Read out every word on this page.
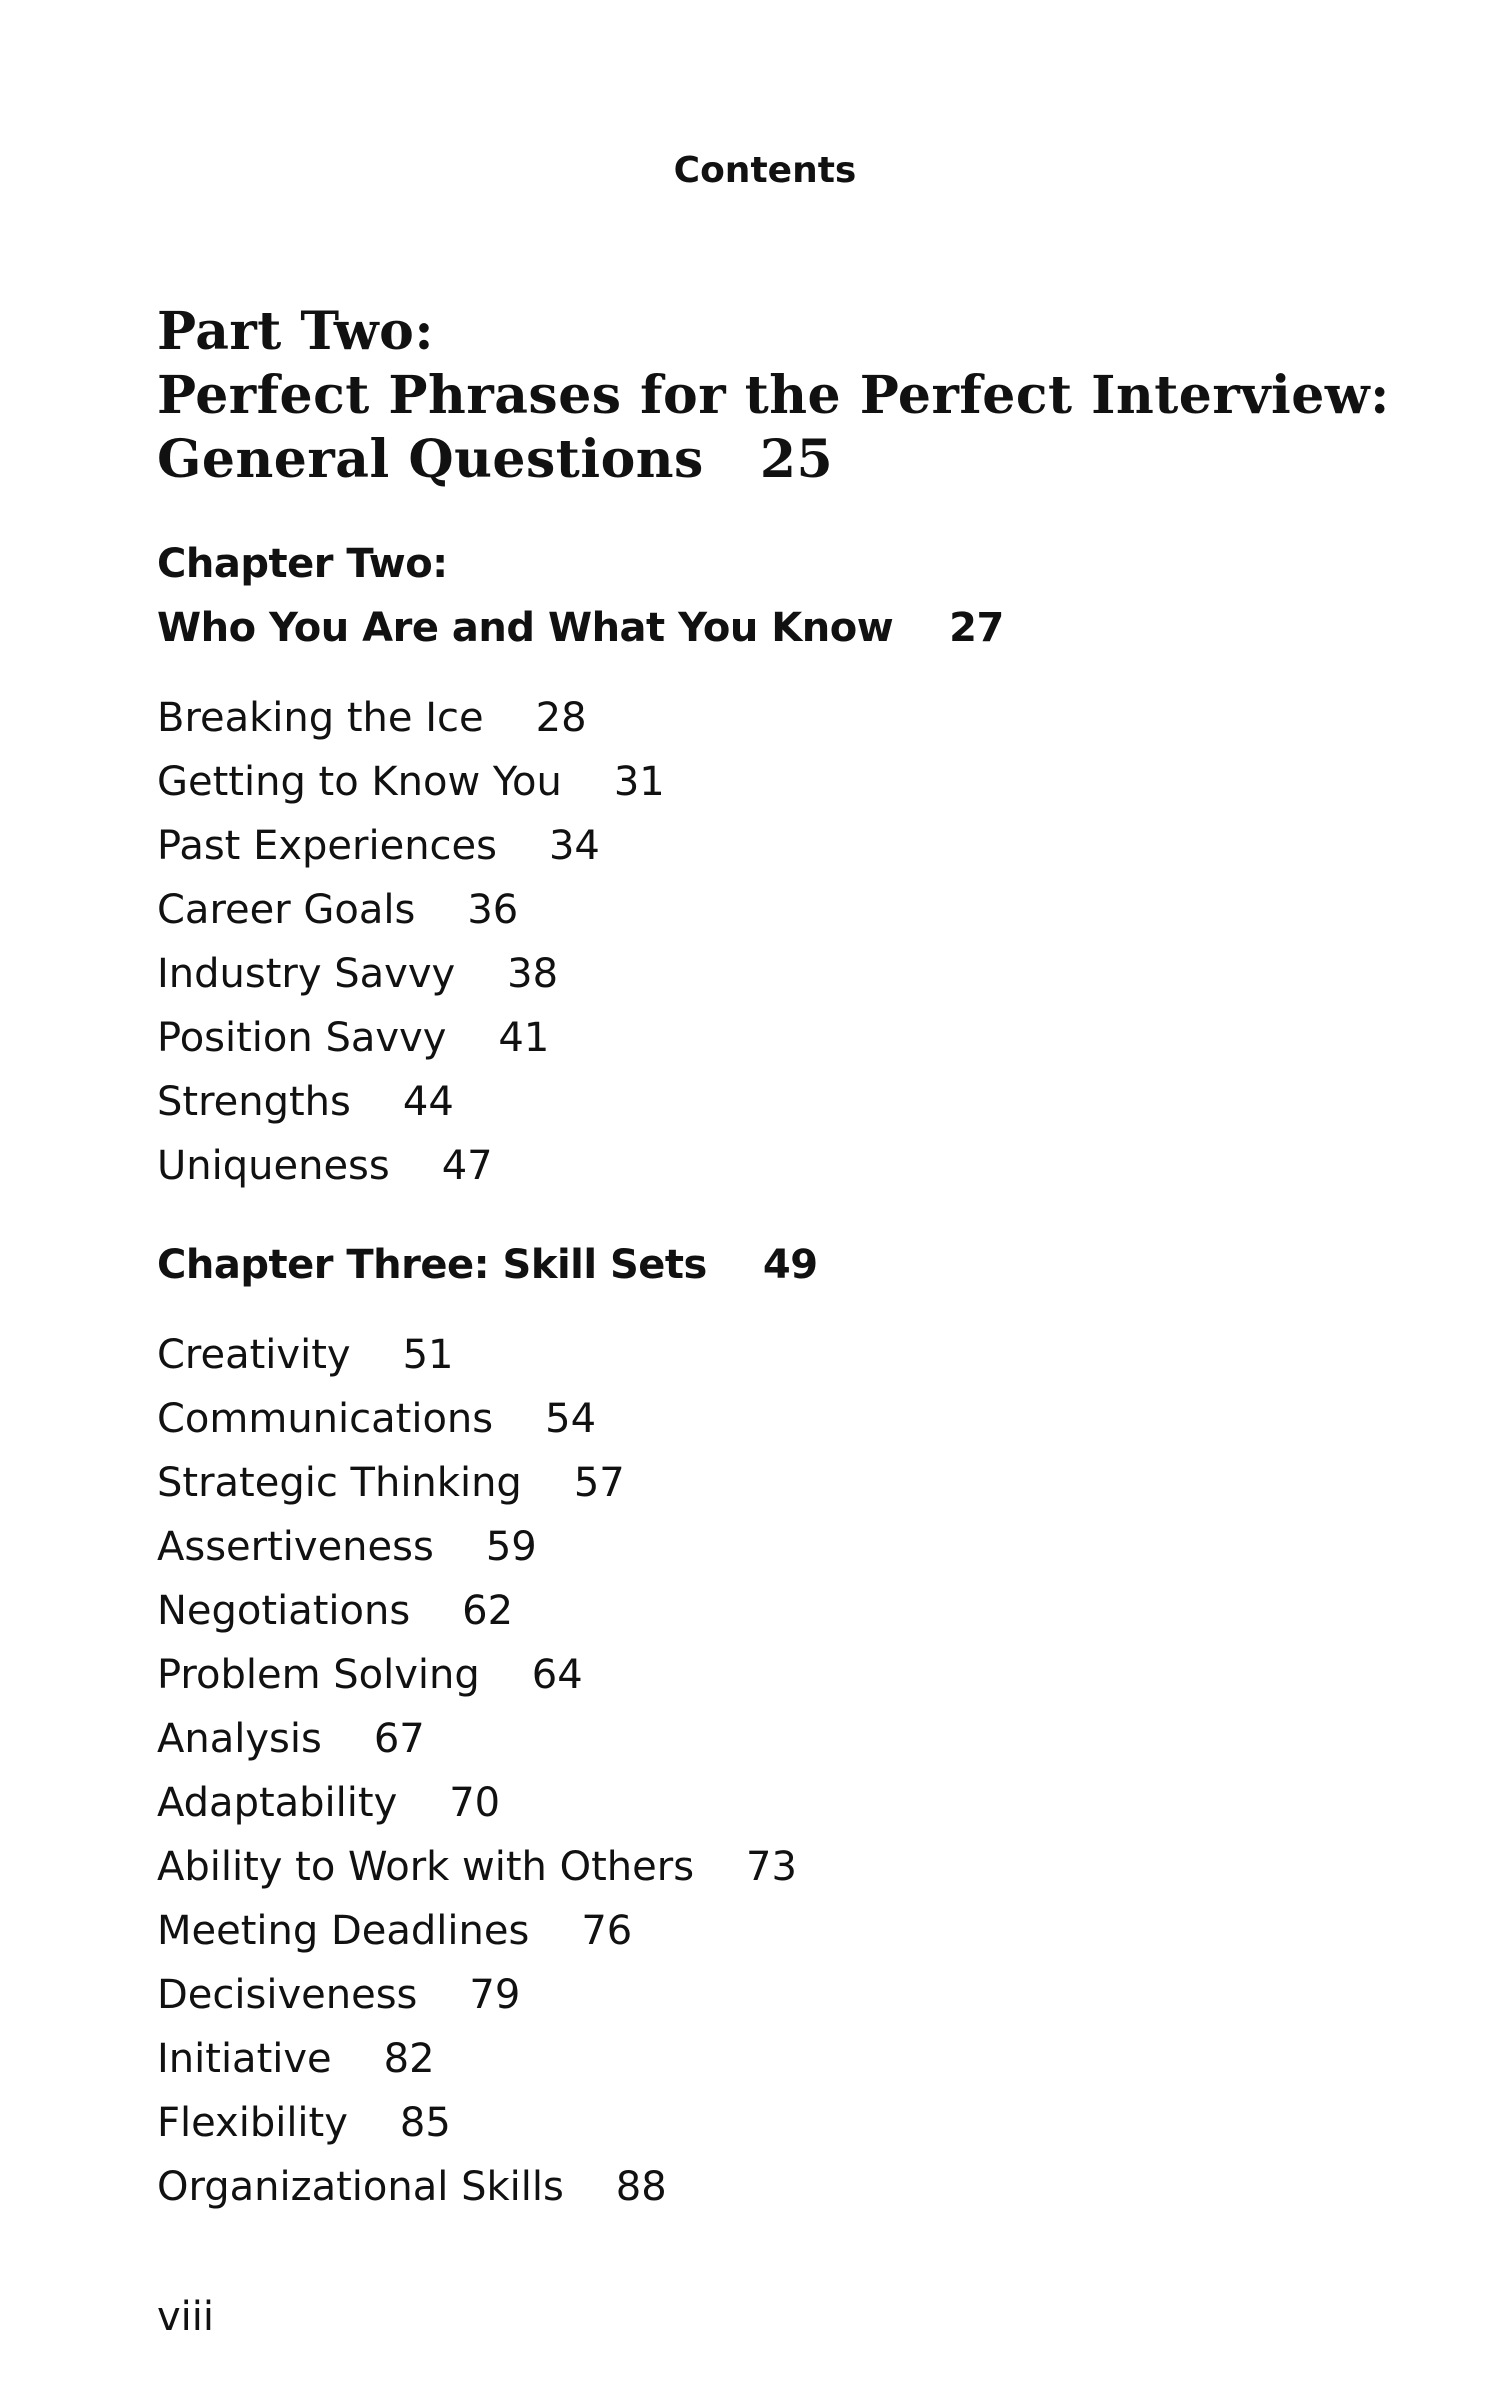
Contents
Part Two:
Perfect Phrases for the Perfect Interview:
General Questions 25
Chapter Two:
Who You Are and What You Know 27
Breaking the Ice 28
Getting to Know You 31
Past Experiences 34
Career Goals 36
Industry Savvy 38
Position Savvy 41
Strengths 44
Uniqueness 47
Chapter Three: Skill Sets 49
Creativity 51
Communications 54
Strategic Thinking 57
Assertiveness 59
Negotiations 62
Problem Solving 64
Analysis 67
Adaptability 70
Ability to Work with Others 73
Meeting Deadlines 76
Decisiveness 79
Initiative 82
Flexibility 85
Organizational Skills 88
viii
